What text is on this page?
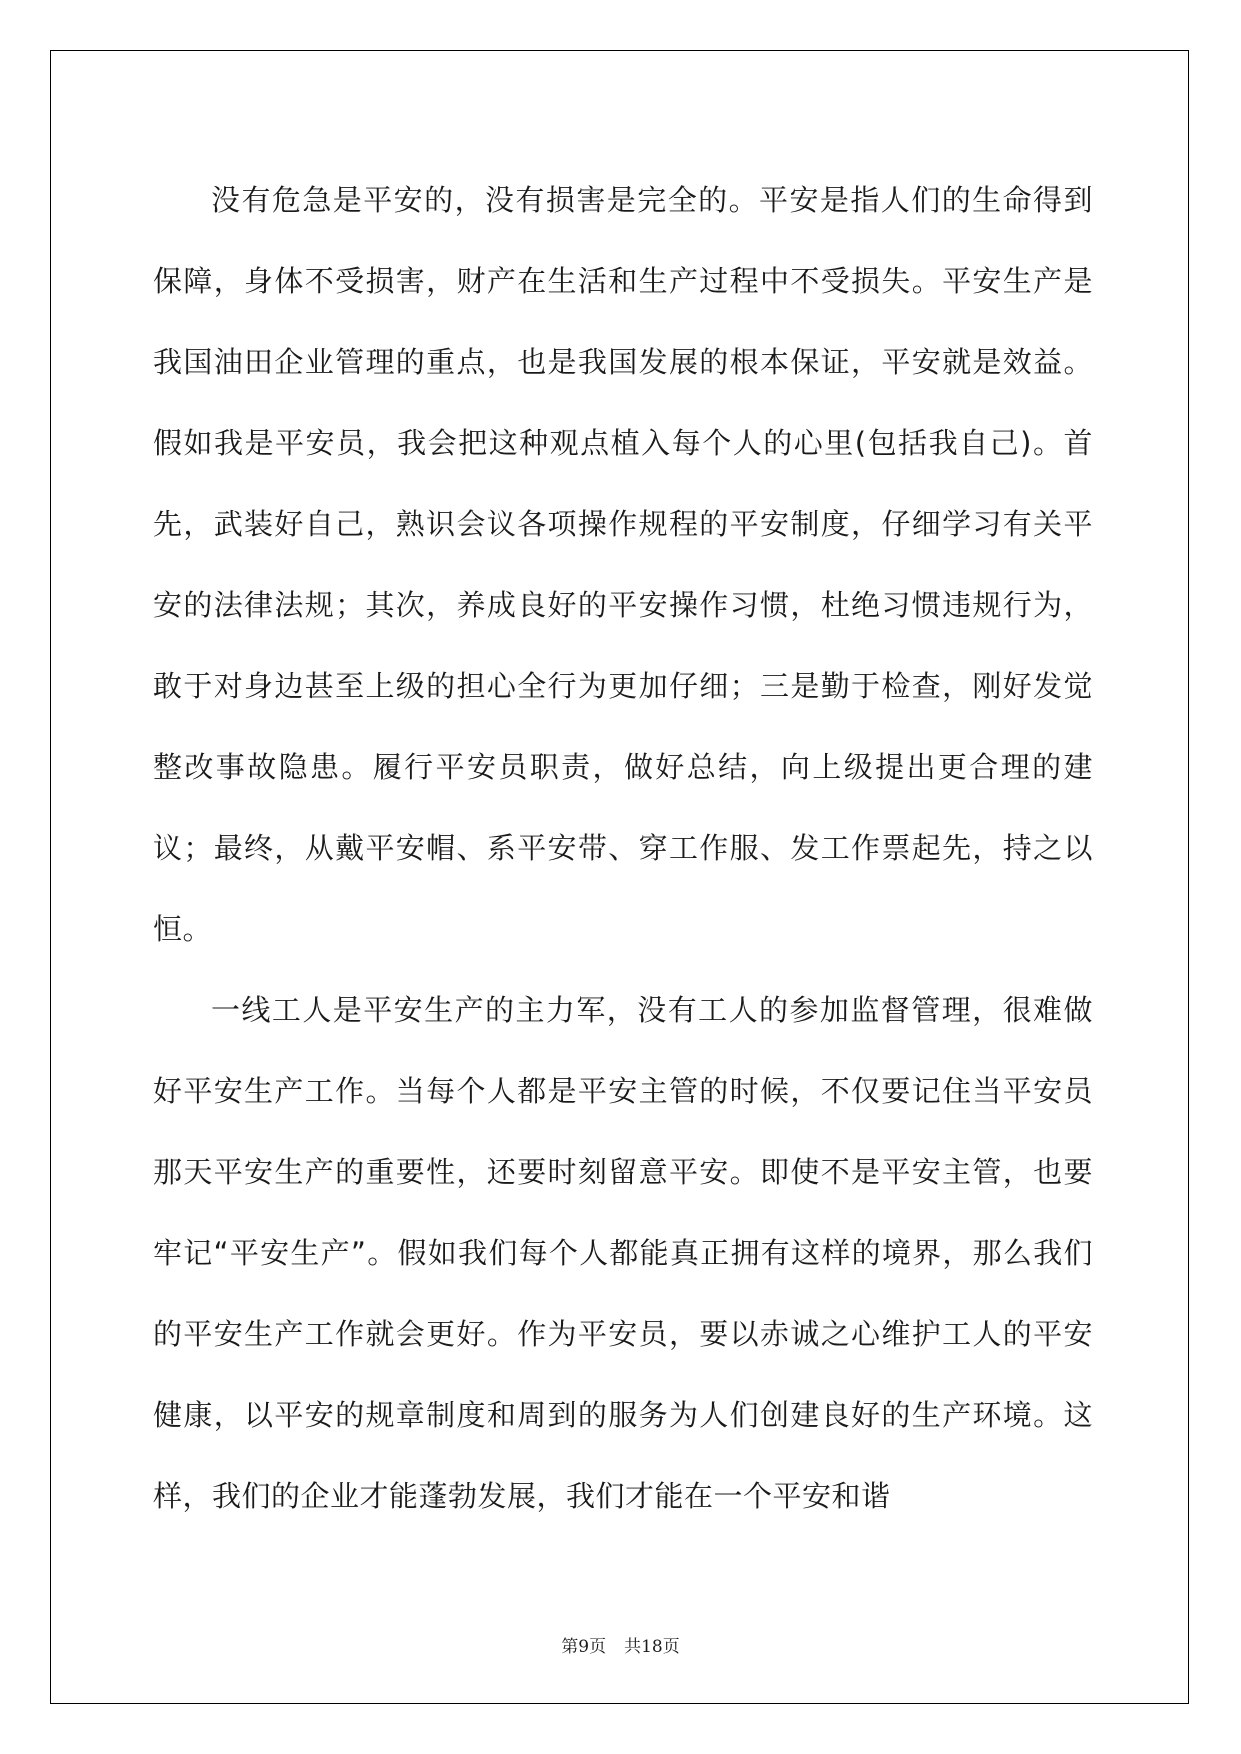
没有危急是平安的，没有损害是完全的。平安是指人们的生命得到保障，身体不受损害，财产在生活和生产过程中不受损失。平安生产是我国油田企业管理的重点，也是我国发展的根本保证，平安就是效益。假如我是平安员，我会把这种观点植入每个人的心里(包括我自己)。首先，武装好自己，熟识会议各项操作规程的平安制度，仔细学习有关平安的法律法规；其次，养成良好的平安操作习惯，杜绝习惯违规行为，敢于对身边甚至上级的担心全行为更加仔细；三是勤于检查，刚好发觉整改事故隐患。履行平安员职责，做好总结，向上级提出更合理的建议；最终，从戴平安帽、系平安带、穿工作服、发工作票起先，持之以恒。

一线工人是平安生产的主力军，没有工人的参加监督管理，很难做好平安生产工作。当每个人都是平安主管的时候，不仅要记住当平安员那天平安生产的重要性，还要时刻留意平安。即使不是平安主管，也要牢记“平安生产”。假如我们每个人都能真正拥有这样的境界，那么我们的平安生产工作就会更好。作为平安员，要以赤诚之心维护工人的平安健康，以平安的规章制度和周到的服务为人们创建良好的生产环境。这样，我们的企业才能蓬勃发展，我们才能在一个平安和谐

第9页 共18页
